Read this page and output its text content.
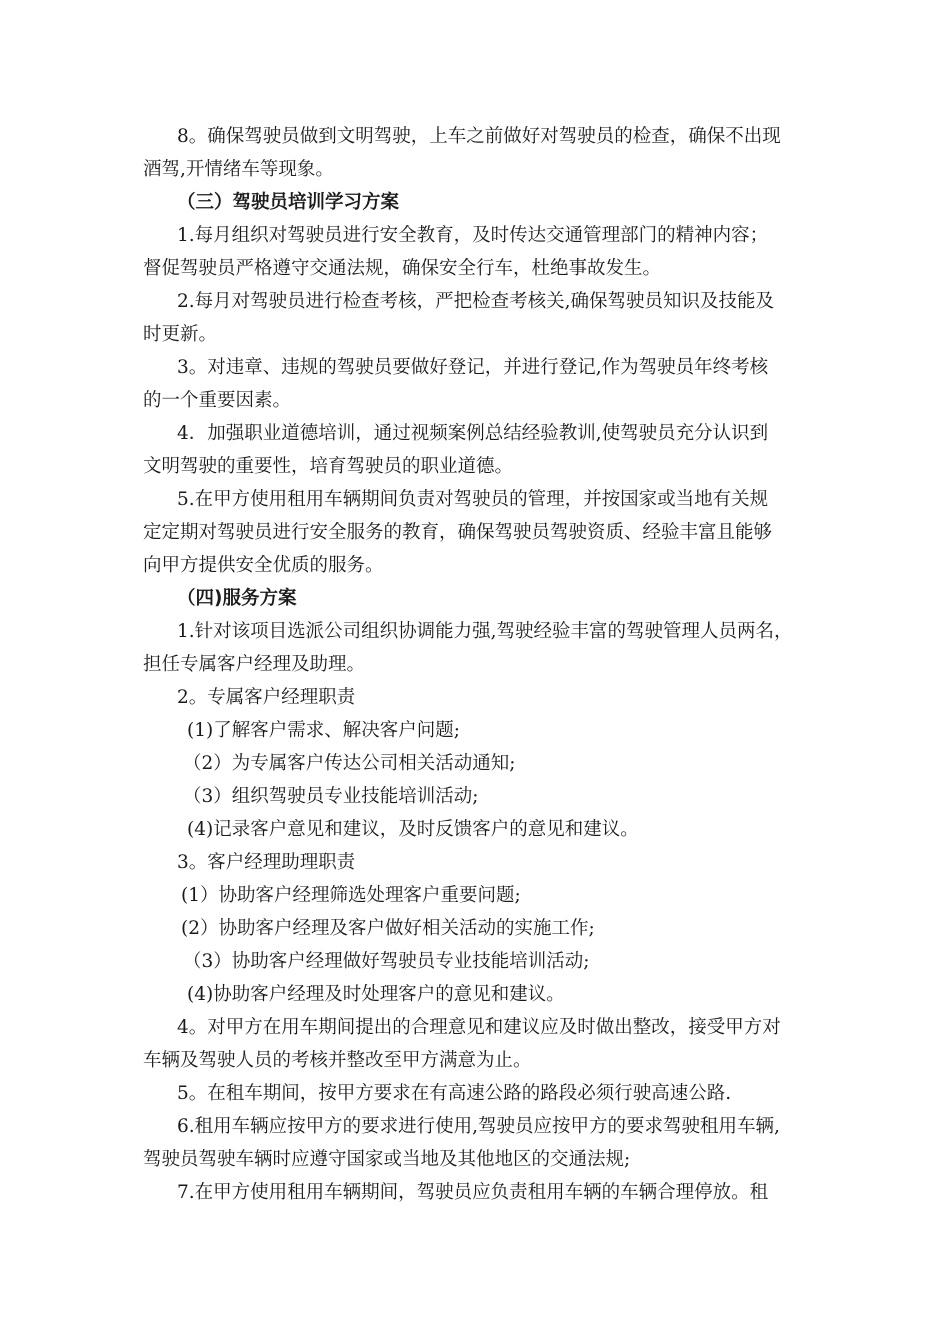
8。确保驾驶员做到文明驾驶，上车之前做好对驾驶员的检查，确保不出现
酒驾,开情绪车等现象。
（三）驾驶员培训学习方案
1.每月组织对驾驶员进行安全教育，及时传达交通管理部门的精神内容；
督促驾驶员严格遵守交通法规，确保安全行车，杜绝事故发生。
2.每月对驾驶员进行检查考核，严把检查考核关,确保驾驶员知识及技能及
时更新。
3。对违章、违规的驾驶员要做好登记，并进行登记,作为驾驶员年终考核
的一个重要因素。
4．加强职业道德培训，通过视频案例总结经验教训,使驾驶员充分认识到
文明驾驶的重要性，培育驾驶员的职业道德。
5.在甲方使用租用车辆期间负责对驾驶员的管理，并按国家或当地有关规
定定期对驾驶员进行安全服务的教育，确保驾驶员驾驶资质、经验丰富且能够
向甲方提供安全优质的服务。
（四)服务方案
1.针对该项目选派公司组织协调能力强,驾驶经验丰富的驾驶管理人员两名，
担任专属客户经理及助理。
2。专属客户经理职责
(1)了解客户需求、解决客户问题;
（2）为专属客户传达公司相关活动通知;
（3）组织驾驶员专业技能培训活动;
(4)记录客户意见和建议，及时反馈客户的意见和建议。
3。客户经理助理职责
(1）协助客户经理筛选处理客户重要问题;
(2）协助客户经理及客户做好相关活动的实施工作;
（3）协助客户经理做好驾驶员专业技能培训活动;
(4)协助客户经理及时处理客户的意见和建议。
4。对甲方在用车期间提出的合理意见和建议应及时做出整改，接受甲方对
车辆及驾驶人员的考核并整改至甲方满意为止。
5。在租车期间，按甲方要求在有高速公路的路段必须行驶高速公路.
6.租用车辆应按甲方的要求进行使用,驾驶员应按甲方的要求驾驶租用车辆,
驾驶员驾驶车辆时应遵守国家或当地及其他地区的交通法规;
7.在甲方使用租用车辆期间，驾驶员应负责租用车辆的车辆合理停放。租
